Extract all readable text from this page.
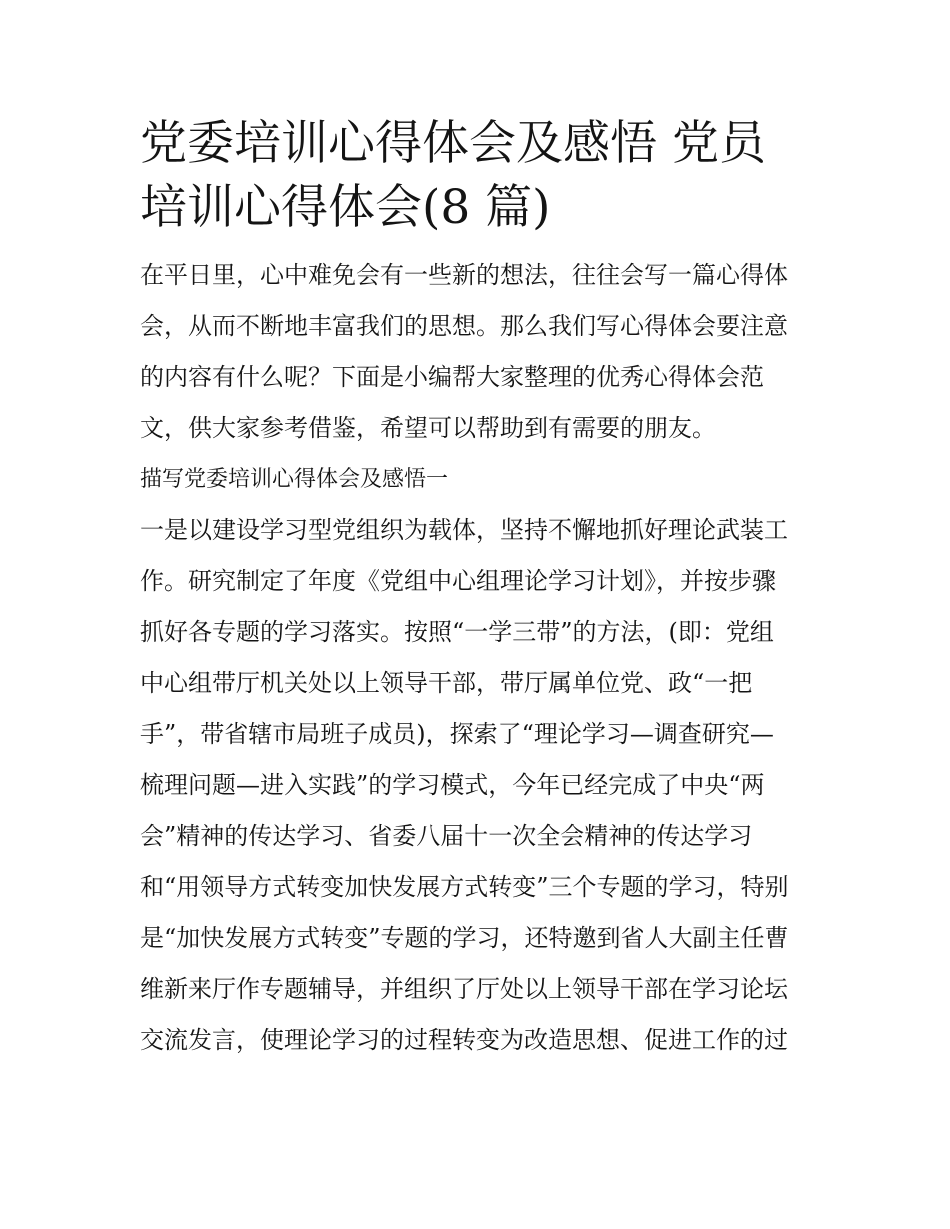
党委培训心得体会及感悟 党员
培训心得体会(8 篇)

在平日里，心中难免会有一些新的想法，往往会写一篇心得体

会，从而不断地丰富我们的思想。那么我们写心得体会要注意

的内容有什么呢？下面是小编帮大家整理的优秀心得体会范

文，供大家参考借鉴，希望可以帮助到有需要的朋友。

描写党委培训心得体会及感悟一

一是以建设学习型党组织为载体，坚持不懈地抓好理论武装工

作。研究制定了年度《党组中心组理论学习计划》，并按步骤

抓好各专题的学习落实。按照“一学三带”的方法，(即：党组

中心组带厅机关处以上领导干部，带厅属单位党、政“一把

手”，带省辖市局班子成员)，探索了“理论学习—调查研究—

梳理问题—进入实践”的学习模式，今年已经完成了中央“两

会”精神的传达学习、省委八届十一次全会精神的传达学习

和“用领导方式转变加快发展方式转变”三个专题的学习，特别

是“加快发展方式转变”专题的学习，还特邀到省人大副主任曹

维新来厅作专题辅导，并组织了厅处以上领导干部在学习论坛

交流发言，使理论学习的过程转变为改造思想、促进工作的过
